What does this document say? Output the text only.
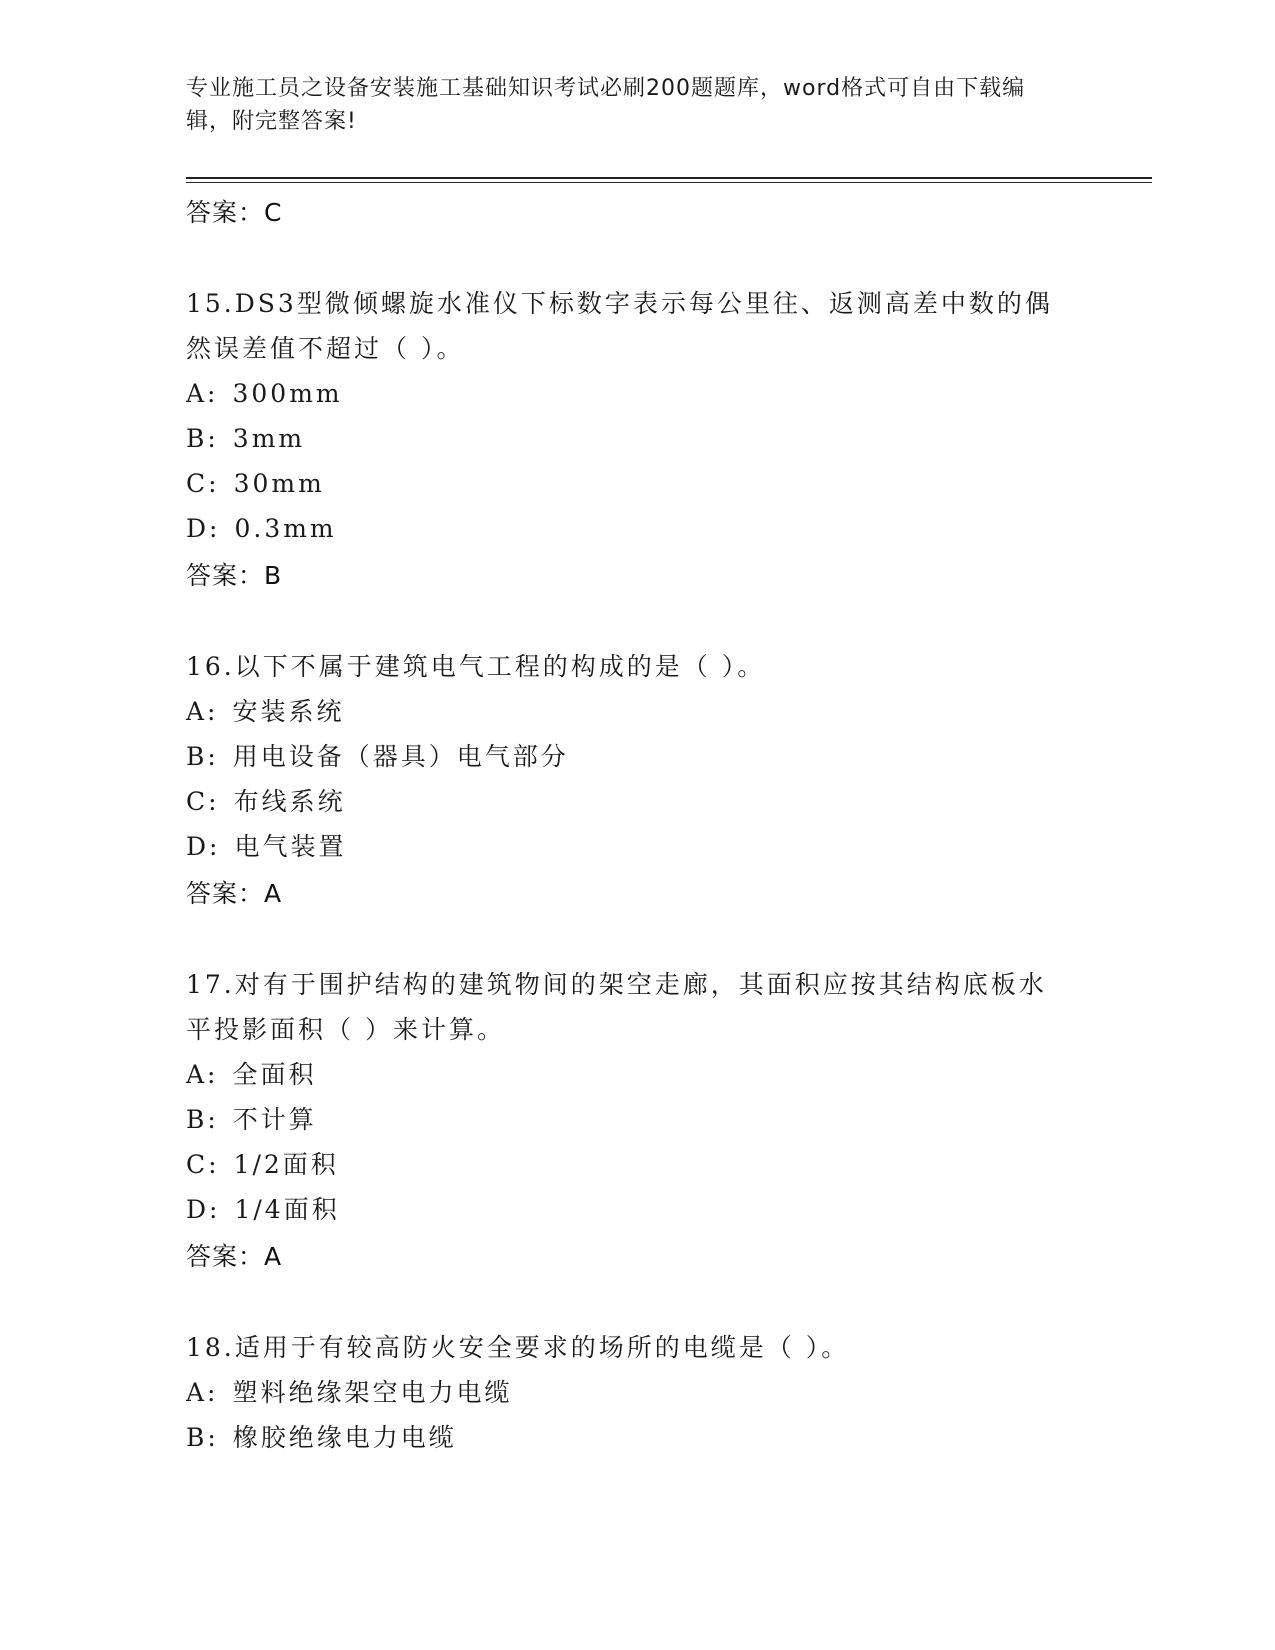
专业施工员之设备安装施工基础知识考试必刷200题题库，word格式可自由下载编辑，附完整答案!
答案：C
15.DS3型微倾螺旋水准仪下标数字表示每公里往、返测高差中数的偶然误差值不超过（ ）。
A: 300mm
B: 3mm
C: 30mm
D: 0.3mm
答案：B
16.以下不属于建筑电气工程的构成的是（ ）。
A: 安装系统
B: 用电设备（器具）电气部分
C: 布线系统
D: 电气装置
答案：A
17.对有于围护结构的建筑物间的架空走廊，其面积应按其结构底板水平投影面积（ ）来计算。
A: 全面积
B: 不计算
C: 1/2面积
D: 1/4面积
答案：A
18.适用于有较高防火安全要求的场所的电缆是（ ）。
A: 塑料绝缘架空电力电缆
B: 橡胶绝缘电力电缆
